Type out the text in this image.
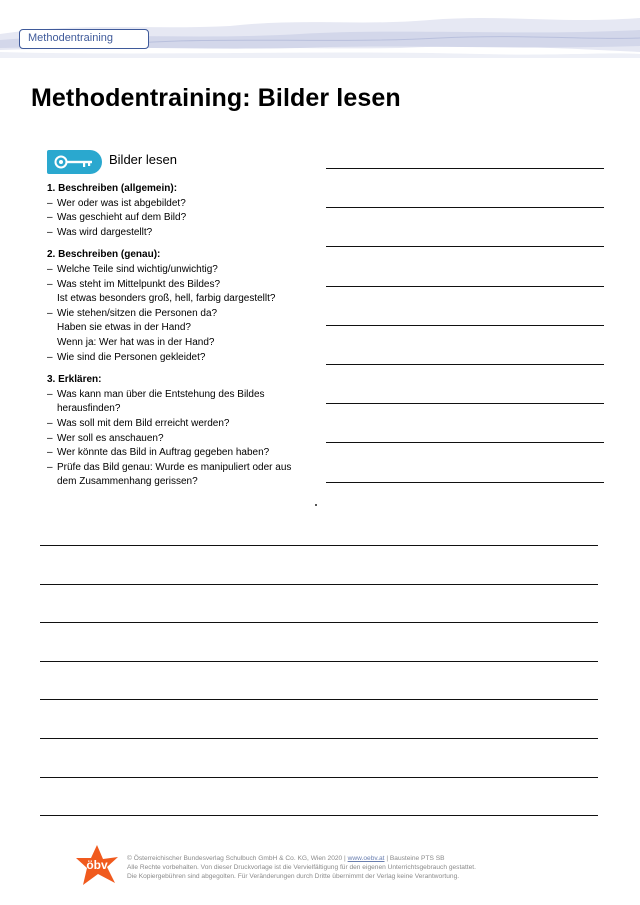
Methodentraining
Methodentraining: Bilder lesen
Bilder lesen
1. Beschreiben (allgemein):
– Wer oder was ist abgebildet?
– Was geschieht auf dem Bild?
– Was wird dargestellt?
2. Beschreiben (genau):
– Welche Teile sind wichtig/unwichtig?
– Was steht im Mittelpunkt des Bildes?
Ist etwas besonders groß, hell, farbig dargestellt?
– Wie stehen/sitzen die Personen da?
Haben sie etwas in der Hand?
Wenn ja: Wer hat was in der Hand?
– Wie sind die Personen gekleidet?
3. Erklären:
– Was kann man über die Entstehung des Bildes
herausfinden?
– Was soll mit dem Bild erreicht werden?
– Wer soll es anschauen?
– Wer könnte das Bild in Auftrag gegeben haben?
– Prüfe das Bild genau: Wurde es manipuliert oder aus
dem Zusammenhang gerissen?
öbv	© Österreichischer Bundesverlag Schulbuch GmbH & Co. KG, Wien 2020 | www.oebv.at | Bausteine PTS SB
Alle Rechte vorbehalten. Von dieser Druckvorlage ist die Vervielfältigung für den eigenen Unterrichtsgebrauch gestattet.
Die Kopiergebühren sind abgegolten. Für Veränderungen durch Dritte übernimmt der Verlag keine Verantwortung.
